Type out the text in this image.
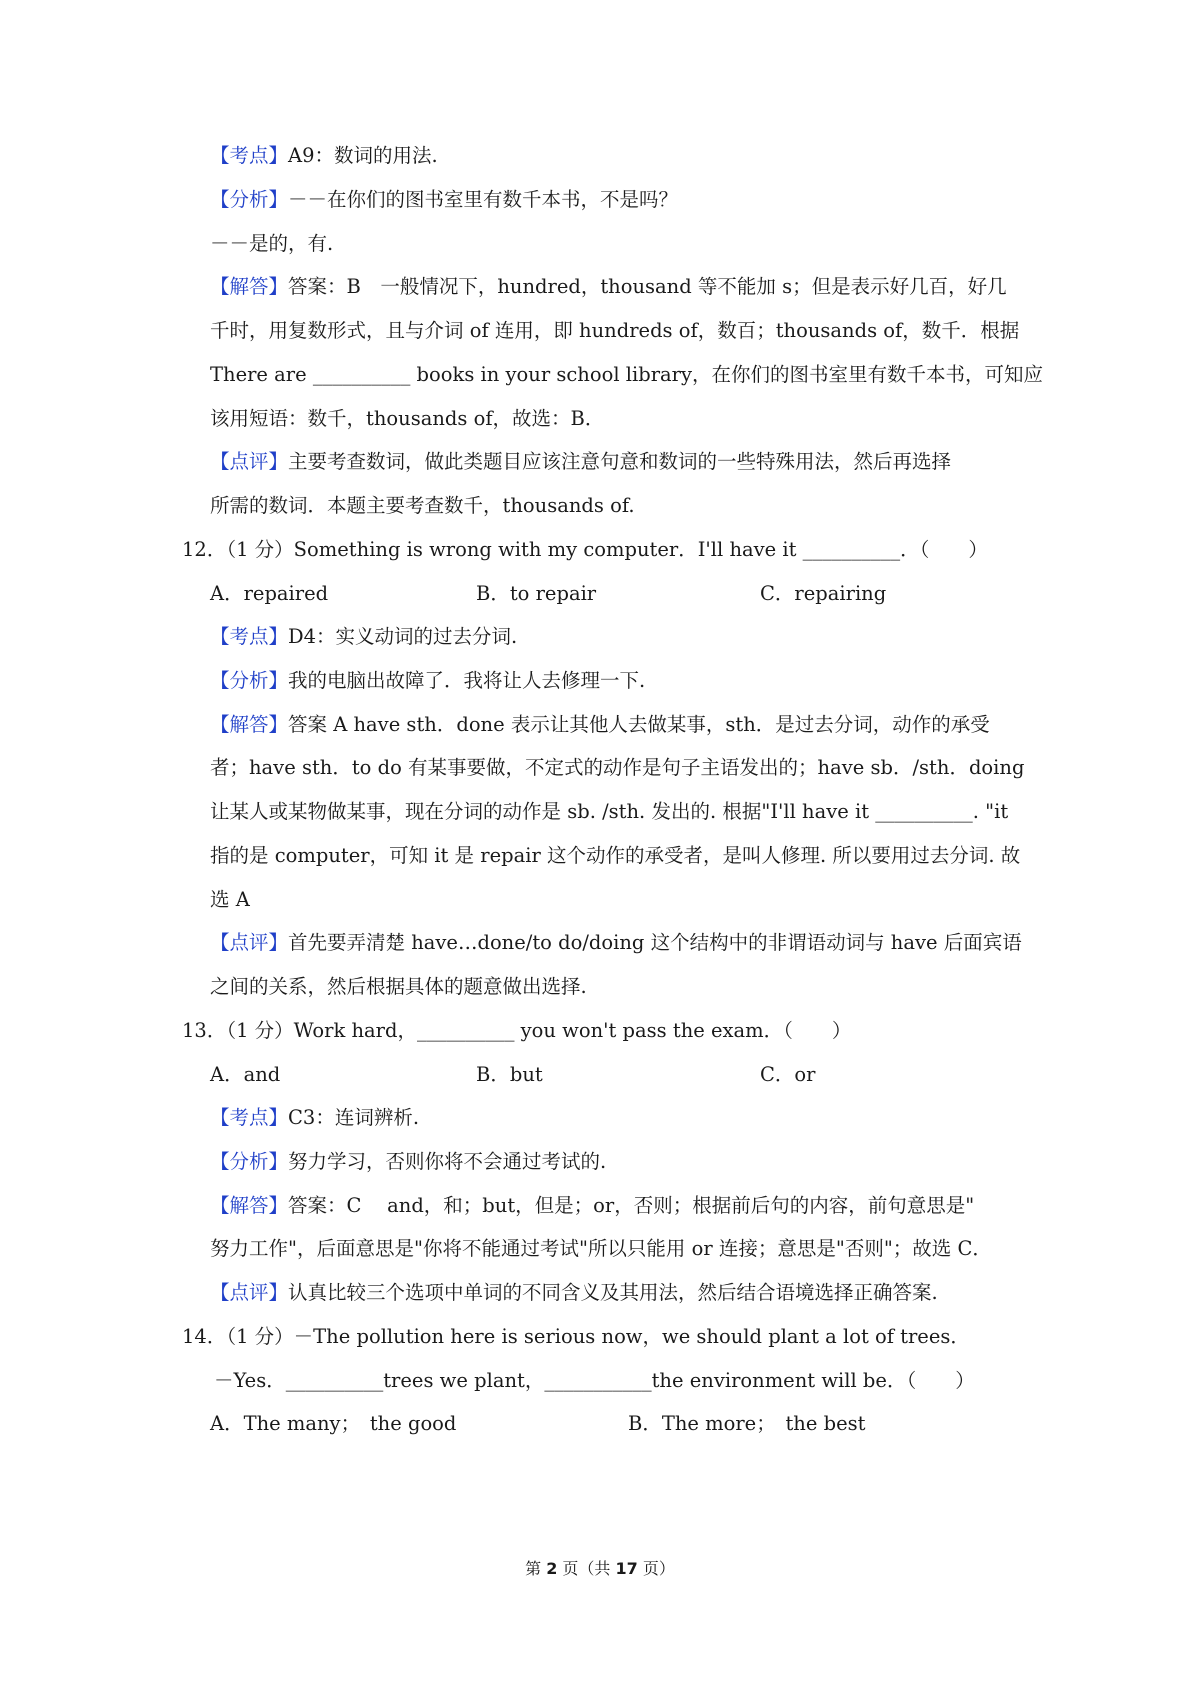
【考点】A9：数词的用法.
【分析】－－在你们的图书室里有数千本书，不是吗？
－－是的，有.
【解答】答案：B　一般情况下，hundred，thousand 等不能加 s；但是表示好几百，好几
千时，用复数形式，且与介词 of 连用，即 hundreds of，数百；thousands of，数千．根据
There are __________ books in your school library，在你们的图书室里有数千本书，可知应
该用短语：数千，thousands of，故选：B．
【点评】主要考查数词，做此类题目应该注意句意和数词的一些特殊用法，然后再选择
所需的数词．本题主要考查数千，thousands of.
12．（1 分）Something is wrong with my computer．I'll have it __________．（　　）
A．repaired	B．to repair	C．repairing
【考点】D4：实义动词的过去分词.
【分析】我的电脑出故障了．我将让人去修理一下.
【解答】答案 A have sth．done 表示让其他人去做某事，sth．是过去分词，动作的承受
者；have sth．to do 有某事要做，不定式的动作是句子主语发出的；have sb．/sth．doing
让某人或某物做某事，现在分词的动作是 sb. /sth. 发出的. 根据"I'll have it __________. "it
指的是 computer，可知 it 是 repair 这个动作的承受者，是叫人修理. 所以要用过去分词. 故
选 A
【点评】首先要弄清楚 have…done/to do/doing 这个结构中的非谓语动词与 have 后面宾语
之间的关系，然后根据具体的题意做出选择.
13．（1 分）Work hard，__________ you won't pass the exam．（　　）
A．and	B．but	C．or
【考点】C3：连词辨析.
【分析】努力学习，否则你将不会通过考试的.
【解答】答案：C　 and，和；but，但是；or，否则；根据前后句的内容，前句意思是"
努力工作"，后面意思是"你将不能通过考试"所以只能用 or 连接；意思是"否则"；故选 C．
【点评】认真比较三个选项中单词的不同含义及其用法，然后结合语境选择正确答案.
14．（1 分）－The pollution here is serious now，we should plant a lot of trees．
－Yes．__________trees we plant，___________the environment will be．（　　）
A．The many；　the good	B．The more；　the best
第 2 页（共 17 页）
